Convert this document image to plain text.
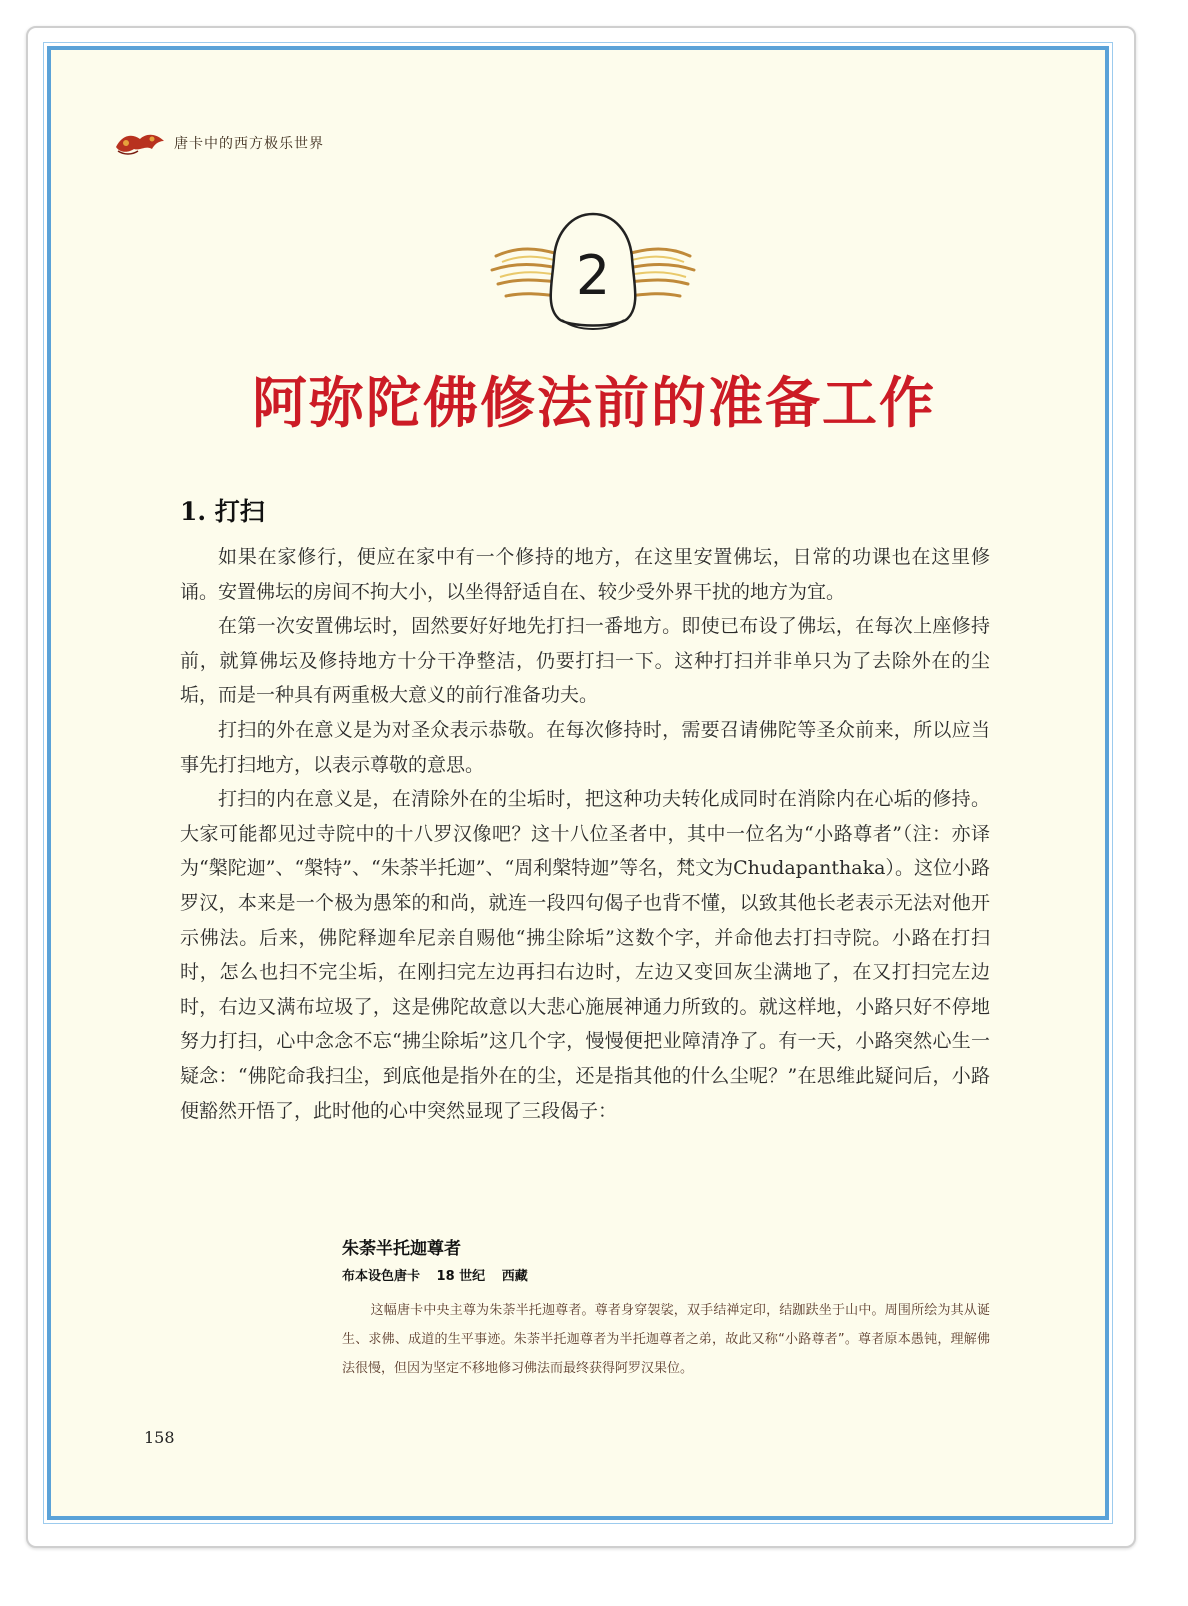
唐卡中的西方极乐世界
2
阿弥陀佛修法前的准备工作
1. 打扫

如果在家修行，便应在家中有一个修持的地方，在这里安置佛坛，日常的功课也在这里修诵。安置佛坛的房间不拘大小，以坐得舒适自在、较少受外界干扰的地方为宜。

在第一次安置佛坛时，固然要好好地先打扫一番地方。即使已布设了佛坛，在每次上座修持前，就算佛坛及修持地方十分干净整洁，仍要打扫一下。这种打扫并非单只为了去除外在的尘垢，而是一种具有两重极大意义的前行准备功夫。

打扫的外在意义是为对圣众表示恭敬。在每次修持时，需要召请佛陀等圣众前来，所以应当事先打扫地方，以表示尊敬的意思。

打扫的内在意义是，在清除外在的尘垢时，把这种功夫转化成同时在消除内在心垢的修持。大家可能都见过寺院中的十八罗汉像吧？这十八位圣者中，其中一位名为“小路尊者”（注：亦译为“槃陀迦”、“槃特”、“朱荼半托迦”、“周利槃特迦”等名，梵文为Chudapanthaka）。这位小路罗汉，本来是一个极为愚笨的和尚，就连一段四句偈子也背不懂，以致其他长老表示无法对他开示佛法。后来，佛陀释迦牟尼亲自赐他“拂尘除垢”这数个字，并命他去打扫寺院。小路在打扫时，怎么也扫不完尘垢，在刚扫完左边再扫右边时，左边又变回灰尘满地了，在又打扫完左边时，右边又满布垃圾了，这是佛陀故意以大悲心施展神通力所致的。就这样地，小路只好不停地努力打扫，心中念念不忘“拂尘除垢”这几个字，慢慢便把业障清净了。有一天，小路突然心生一疑念：“佛陀命我扫尘，到底他是指外在的尘，还是指其他的什么尘呢？”在思维此疑问后，小路便豁然开悟了，此时他的心中突然显现了三段偈子：

朱荼半托迦尊者
布本设色唐卡 18 世纪 西藏

这幅唐卡中央主尊为朱荼半托迦尊者。尊者身穿袈裟，双手结禅定印，结跏趺坐于山中。周围所绘为其从诞生、求佛、成道的生平事迹。朱荼半托迦尊者为半托迦尊者之弟，故此又称“小路尊者”。尊者原本愚钝，理解佛法很慢，但因为坚定不移地修习佛法而最终获得阿罗汉果位。

158
